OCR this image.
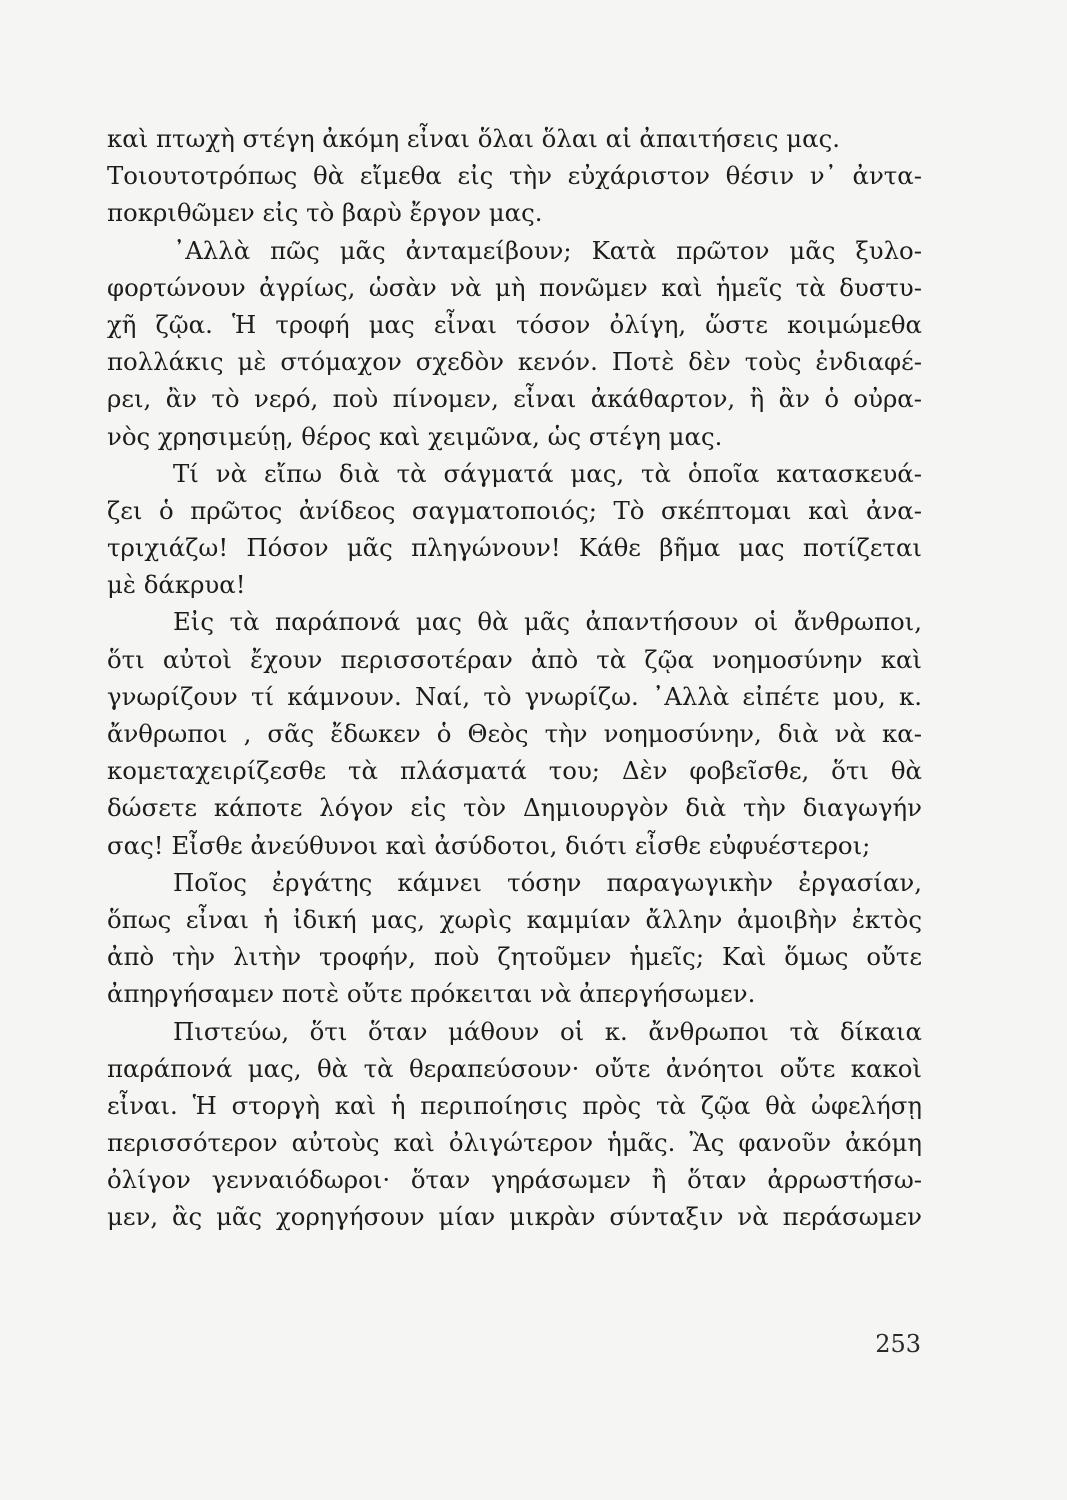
καὶ πτωχὴ στέγη ἀκόμη εἶναι ὅλαι ὅλαι αἱ ἀπαιτήσεις μας.
Τοιουτοτρόπως θὰ εἴμεθα εἰς τὴν εὐχάριστον θέσιν ν᾽ ἀντα-
ποκριθῶμεν εἰς τὸ βαρὺ ἔργον μας.
᾽Αλλὰ πῶς μᾶς ἀνταμείβουν; Κατὰ πρῶτον μᾶς ξυλο-
φορτώνουν ἀγρίως, ὡσὰν νὰ μὴ πονῶμεν καὶ ἡμεῖς τὰ δυστυ-
χῆ ζῷα. Ἡ τροφή μας εἶναι τόσον ὀλίγη, ὥστε κοιμώμεθα
πολλάκις μὲ στόμαχον σχεδὸν κενόν. Ποτὲ δὲν τοὺς ἐνδιαφέ-
ρει, ἂν τὸ νερό, ποὺ πίνομεν, εἶναι ἀκάθαρτον, ἢ ἂν ὁ οὐρα-
νὸς χρησιμεύῃ, θέρος καὶ χειμῶνα, ὡς στέγη μας.
Τί νὰ εἴπω διὰ τὰ σάγματά μας, τὰ ὁποῖα κατασκευά-
ζει ὁ πρῶτος ἀνίδεος σαγματοποιός; Τὸ σκέπτομαι καὶ ἀνα-
τριχιάζω! Πόσον μᾶς πληγώνουν! Κάθε βῆμα μας ποτίζεται
μὲ δάκρυα!
Εἰς τὰ παράπονά μας θὰ μᾶς ἀπαντήσουν οἱ ἄνθρωποι,
ὅτι αὐτοὶ ἔχουν περισσοτέραν ἀπὸ τὰ ζῷα νοημοσύνην καὶ
γνωρίζουν τί κάμνουν. Ναί, τὸ γνωρίζω. ᾽Αλλὰ εἰπέτε μου, κ.
ἄνθρωποι , σᾶς ἔδωκεν ὁ Θεὸς τὴν νοημοσύνην, διὰ νὰ κα-
κομεταχειρίζεσθε τὰ πλάσματά του; Δὲν φοβεῖσθε, ὅτι θὰ
δώσετε κάποτε λόγον εἰς τὸν Δημιουργὸν διὰ τὴν διαγωγήν
σας! Εἶσθε ἀνεύθυνοι καὶ ἀσύδοτοι, διότι εἶσθε εὐφυέστεροι;
Ποῖος ἐργάτης κάμνει τόσην παραγωγικὴν ἐργασίαν,
ὅπως εἶναι ἡ ἰδική μας, χωρὶς καμμίαν ἄλλην ἀμοιβὴν ἐκτὸς
ἀπὸ τὴν λιτὴν τροφήν, ποὺ ζητοῦμεν ἡμεῖς; Καὶ ὅμως οὔτε
ἀπηργήσαμεν ποτὲ οὔτε πρόκειται νὰ ἀπεργήσωμεν.
Πιστεύω, ὅτι ὅταν μάθουν οἱ κ. ἄνθρωποι τὰ δίκαια
παράπονά μας, θὰ τὰ θεραπεύσουν· οὔτε ἀνόητοι οὔτε κακοὶ
εἶναι. Ἡ στοργὴ καὶ ἡ περιποίησις πρὸς τὰ ζῷα θὰ ὠφελήσῃ
περισσότερον αὐτοὺς καὶ ὀλιγώτερον ἡμᾶς. Ἂς φανοῦν ἀκόμη
ὀλίγον γενναιόδωροι· ὅταν γηράσωμεν ἢ ὅταν ἀρρωστήσω-
μεν, ἂς μᾶς χορηγήσουν μίαν μικρὰν σύνταξιν νὰ περάσωμεν
253
